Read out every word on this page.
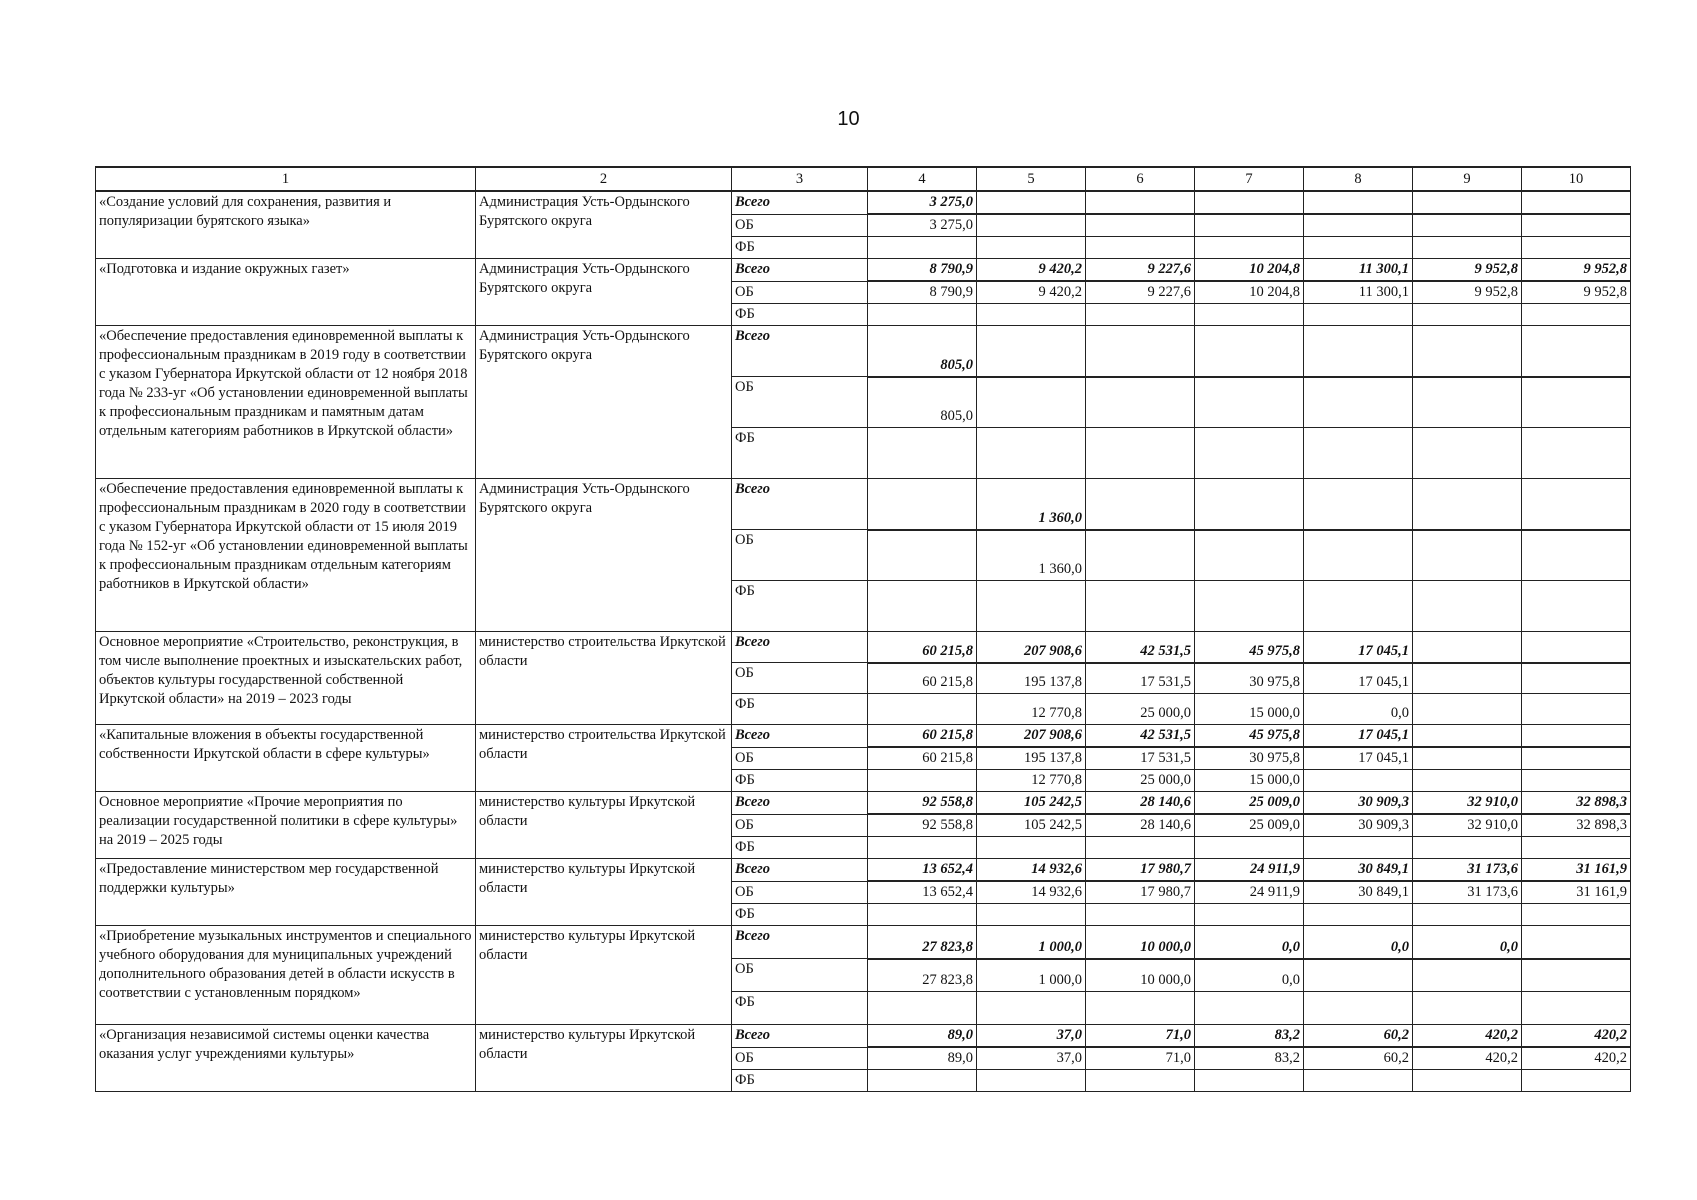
10
1	2	3	4	5	6	7	8	9	10
«Создание условий для сохранения, развития и популяризации бурятского языка»	Администрация Усть-Ордынского Бурятского округа	Всего	3 275,0						
		ОБ	3 275,0						
		ФБ							
«Подготовка и издание окружных газет»	Администрация Усть-Ордынского Бурятского округа	Всего	8 790,9	9 420,2	9 227,6	10 204,8	11 300,1	9 952,8	9 952,8
		ОБ	8 790,9	9 420,2	9 227,6	10 204,8	11 300,1	9 952,8	9 952,8
		ФБ							
«Обеспечение предоставления единовременной выплаты к профессиональным праздникам в 2019 году в соответствии с указом Губернатора Иркутской области от 12 ноября 2018 года № 233-уг «Об установлении единовременной выплаты к профессиональным праздникам и памятным датам отдельным категориям работников в Иркутской области»	Администрация Усть-Ордынского Бурятского округа	Всего	805,0						
		ОБ	805,0						
		ФБ							
«Обеспечение предоставления единовременной выплаты к профессиональным праздникам в 2020 году в соответствии с указом Губернатора Иркутской области от 15 июля 2019 года № 152-уг «Об установлении единовременной выплаты к профессиональным праздникам отдельным категориям работников в Иркутской области»	Администрация Усть-Ордынского Бурятского округа	Всего		1 360,0					
		ОБ		1 360,0					
		ФБ							
Основное мероприятие «Строительство, реконструкция, в том числе выполнение проектных и изыскательских работ, объектов культуры государственной собственной Иркутской области» на 2019 – 2023 годы	министерство строительства Иркутской области	Всего	60 215,8	207 908,6	42 531,5	45 975,8	17 045,1		
		ОБ	60 215,8	195 137,8	17 531,5	30 975,8	17 045,1		
		ФБ		12 770,8	25 000,0	15 000,0	0,0		
«Капитальные вложения в объекты государственной собственности Иркутской области в сфере культуры»	министерство строительства Иркутской области	Всего	60 215,8	207 908,6	42 531,5	45 975,8	17 045,1		
		ОБ	60 215,8	195 137,8	17 531,5	30 975,8	17 045,1		
		ФБ		12 770,8	25 000,0	15 000,0			
Основное мероприятие «Прочие мероприятия по реализации государственной политики в сфере культуры» на 2019 – 2025 годы	министерство культуры Иркутской области	Всего	92 558,8	105 242,5	28 140,6	25 009,0	30 909,3	32 910,0	32 898,3
		ОБ	92 558,8	105 242,5	28 140,6	25 009,0	30 909,3	32 910,0	32 898,3
		ФБ							
«Предоставление министерством мер государственной поддержки культуры»	министерство культуры Иркутской области	Всего	13 652,4	14 932,6	17 980,7	24 911,9	30 849,1	31 173,6	31 161,9
		ОБ	13 652,4	14 932,6	17 980,7	24 911,9	30 849,1	31 173,6	31 161,9
		ФБ							
«Приобретение музыкальных инструментов и специального учебного оборудования для муниципальных учреждений дополнительного образования детей в области искусств в соответствии с установленным порядком»	министерство культуры Иркутской области	Всего	27 823,8	1 000,0	10 000,0	0,0	0,0	0,0	
		ОБ	27 823,8	1 000,0	10 000,0	0,0			
		ФБ							
«Организация независимой системы оценки качества оказания услуг учреждениями культуры»	министерство культуры Иркутской области	Всего	89,0	37,0	71,0	83,2	60,2	420,2	420,2
		ОБ	89,0	37,0	71,0	83,2	60,2	420,2	420,2
		ФБ							
